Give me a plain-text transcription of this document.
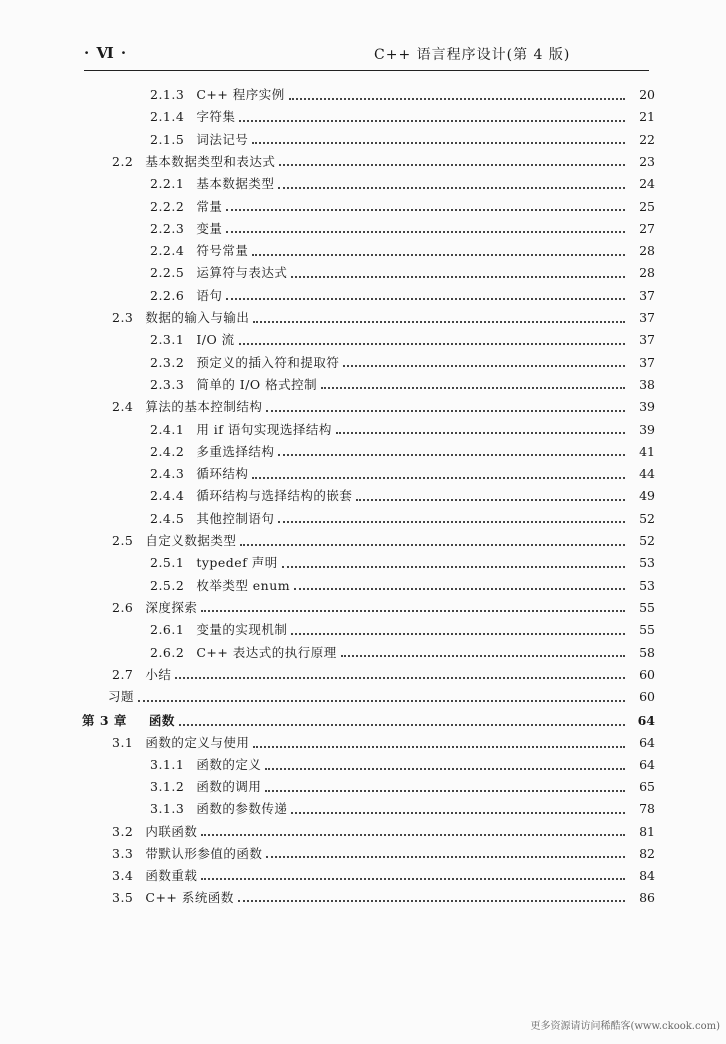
· Ⅵ ·	C++ 语言程序设计(第 4 版)
2.1.3 C++ 程序实例	20
2.1.4 字符集	21
2.1.5 词法记号	22
2.2 基本数据类型和表达式	23
2.2.1 基本数据类型	24
2.2.2 常量	25
2.2.3 变量	27
2.2.4 符号常量	28
2.2.5 运算符与表达式	28
2.2.6 语句	37
2.3 数据的输入与输出	37
2.3.1 I/O 流	37
2.3.2 预定义的插入符和提取符	37
2.3.3 简单的 I/O 格式控制	38
2.4 算法的基本控制结构	39
2.4.1 用 if 语句实现选择结构	39
2.4.2 多重选择结构	41
2.4.3 循环结构	44
2.4.4 循环结构与选择结构的嵌套	49
2.4.5 其他控制语句	52
2.5 自定义数据类型	52
2.5.1 typedef 声明	53
2.5.2 枚举类型 enum	53
2.6 深度探索	55
2.6.1 变量的实现机制	55
2.6.2 C++ 表达式的执行原理	58
2.7 小结	60
习题	60
第 3 章 函数	64
3.1 函数的定义与使用	64
3.1.1 函数的定义	64
3.1.2 函数的调用	65
3.1.3 函数的参数传递	78
3.2 内联函数	81
3.3 带默认形参值的函数	82
3.4 函数重载	84
3.5 C++ 系统函数	86
更多资源请访问稀酷客(www.ckook.com)
